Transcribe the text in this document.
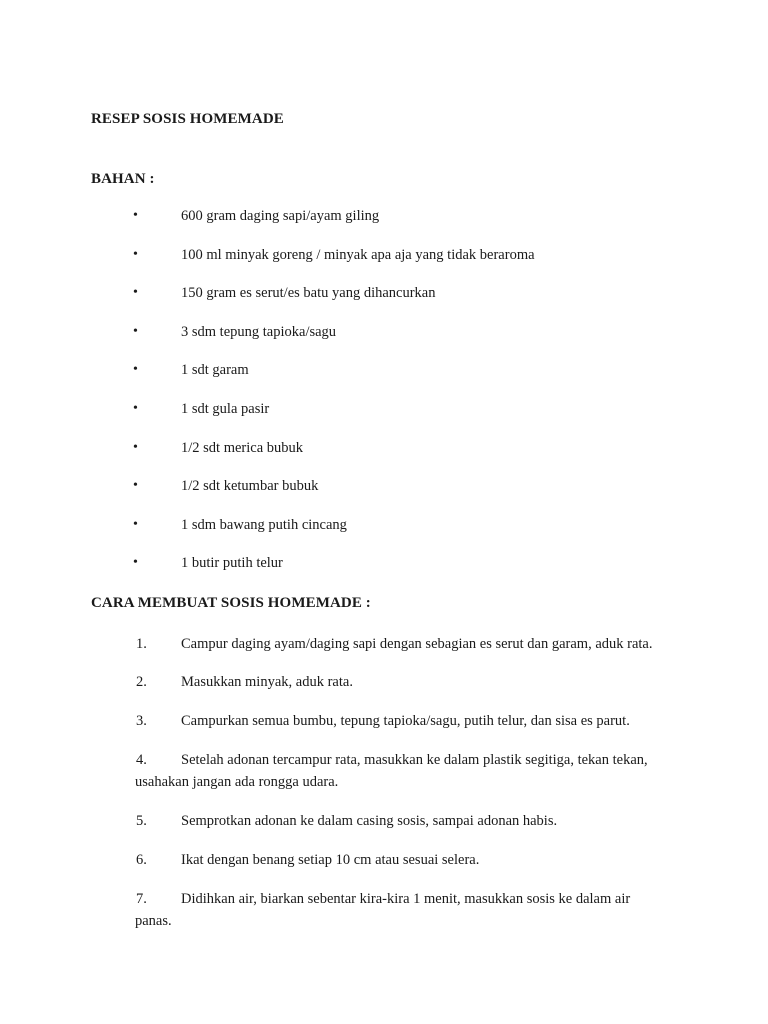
RESEP SOSIS HOMEMADE
BAHAN :
•	600 gram daging sapi/ayam giling
•	100 ml minyak goreng / minyak apa aja yang tidak beraroma
•	150 gram es serut/es batu yang dihancurkan
•	3 sdm tepung tapioka/sagu
•	1 sdt garam
•	1 sdt gula pasir
•	1/2 sdt merica bubuk
•	1/2 sdt ketumbar bubuk
•	1 sdm bawang putih cincang
•	1 butir putih telur
CARA MEMBUAT SOSIS HOMEMADE :
1. Campur daging ayam/daging sapi dengan sebagian es serut dan garam, aduk rata.
2. Masukkan minyak, aduk rata.
3. Campurkan semua bumbu, tepung tapioka/sagu, putih telur, dan sisa es parut.
4. Setelah adonan tercampur rata, masukkan ke dalam plastik segitiga, tekan tekan,
usahakan jangan ada rongga udara.
5. Semprotkan adonan ke dalam casing sosis, sampai adonan habis.
6. Ikat dengan benang setiap 10 cm atau sesuai selera.
7. Didihkan air, biarkan sebentar kira-kira 1 menit, masukkan sosis ke dalam air
panas.
